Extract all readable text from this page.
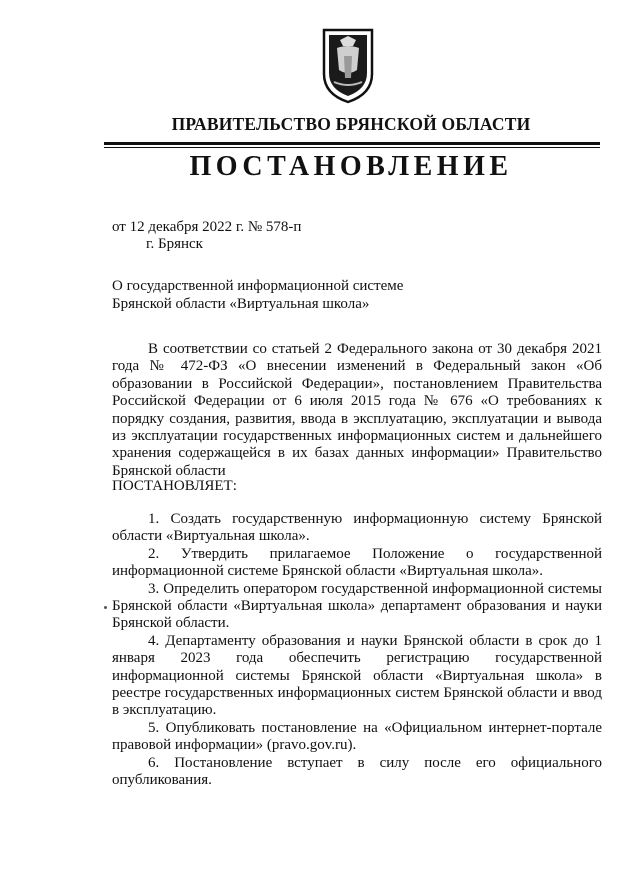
ПРАВИТЕЛЬСТВО БРЯНСКОЙ ОБЛАСТИ
ПОСТАНОВЛЕНИЕ
от 12 декабря 2022 г. № 578-п
г. Брянск
О государственной информационной системе
Брянской области «Виртуальная школа»
В соответствии со статьей 2 Федерального закона от 30 декабря 2021 года № 472-ФЗ «О внесении изменений в Федеральный закон «Об образовании в Российской Федерации», постановлением Правительства Российской Федерации от 6 июля 2015 года № 676 «О требованиях к порядку создания, развития, ввода в эксплуатацию, эксплуатации и вывода из эксплуатации государственных информационных систем и дальнейшего хранения содержащейся в их базах данных информации» Правительство Брянской области
ПОСТАНОВЛЯЕТ:

1. Создать государственную информационную систему Брянской области «Виртуальная школа».

2. Утвердить прилагаемое Положение о государственной информационной системе Брянской области «Виртуальная школа».

3. Определить оператором государственной информационной системы Брянской области «Виртуальная школа» департамент образования и науки Брянской области.

4. Департаменту образования и науки Брянской области в срок до 1 января 2023 года обеспечить регистрацию государственной информационной системы Брянской области «Виртуальная школа» в реестре государственных информационных систем Брянской области и ввод в эксплуатацию.

5. Опубликовать постановление на «Официальном интернет-портале правовой информации» (pravo.gov.ru).

6. Постановление вступает в силу после его официального опубликования.
